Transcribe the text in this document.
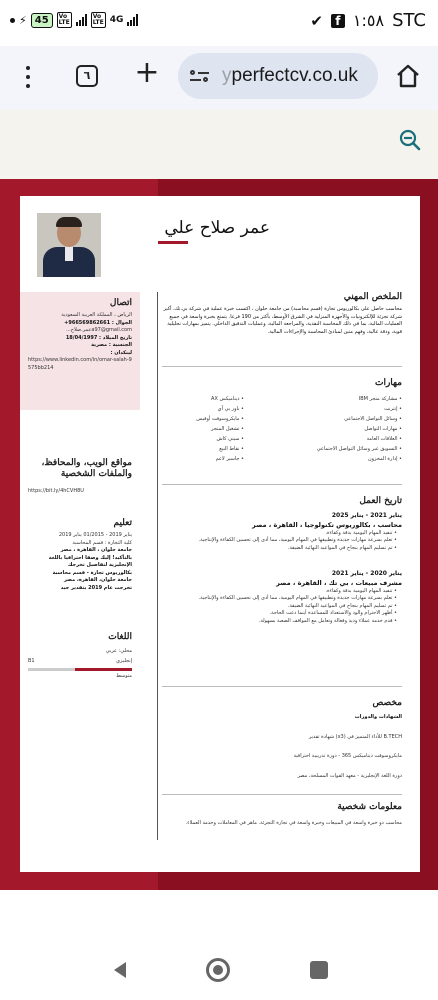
⚡ 45	Vo
LTE
Vo
LTE 4G	✔	f ١:٥٨ STC
٦ +	yperfectcv.co.uk
عمر صلاح علي
اتصال
الرياض ، المملكة العربية السعودية
الجوال : 966569862661+
a97@gmail.comعمر.صلاح...
تاريخ الميلاد : 18/04/1997
الجنسية : مصرية
لينكدان :
https://www.linkedin.com/in/omar-salah-9575bb214
مواقع الويب، والمحافظ، والملفات الشخصية
https://bit.ly/4hCVH8U
تعليم
يناير 2019 - 01/2015 يناير 2019
كلية التجارة : قسم المحاسبة
جامعة حلوان ، القاهرة ، مصر
بالتأكيد! إليك وصفا احترافيا باللغة
الإنجليزية لتفاصيل تخرجك
بكالوريوس تجارة - قسم محاسبة
جامعة حلوان، القاهرة، مصر
تخرجت عام 2019 بتقدير جيد
اللغات
محلي: عربي
إنجليزي
B1
متوسط
الملخص المهني
محاسب حاصل على بكالوريوس تجارة (قسم محاسبة) من جامعة حلوان ، اكتسب خبرة عملية في شركة بي.تك، أكبر شركة تجزئة للإلكترونيات والأجهزة المنزلية في الشرق الأوسط، بأكثر من 190 فرعا. يتمتع بخبرة واسعة في جميع العمليات المالية، بما في ذلك المحاسبة النقدية، والمراجعة المالية، وعمليات التدقيق الداخلي. يتميز بمهارات تحليلية قوية، ودقة عالية، وفهم متين لمبادئ المحاسبة والإجراءات المالية.
مهارات
• مشاركة متجر IBM
• إنترنت
• وسائل التواصل الاجتماعي
• مهارات التواصل
• العلاقات العامة
• التسويق عبر وسائل التواصل الاجتماعي
• إدارة المخزون
• ديناميكس AX
• باور بي آي
• مايكروسوفت أوفيس
• تشغيل المتجر
• سيتي كاش
• نقاط البيع
• جاسبر لاعم
تاريخ العمل
يناير 2021 - يناير 2025
محاسب ، بكالوريوس تكنولوجيا ، القاهرة ، مصر
• تنفيذ المهام اليومية بدقة وكفاءة.
• تعلم بسرعة مهارات جديدة وتطبيقها في المهام اليومية، مما أدى إلى تحسين الكفاءة والإنتاجية.
• تم تسليم المهام بنجاح في المواعيد النهائية الضيقة.
يناير 2020 - يناير 2021
مشرف مبيعات ، بي تك ، القاهرة ، مصر
• تنفيذ المهام اليومية بدقة وكفاءة.
• تعلم بسرعة مهارات جديدة وتطبيقها في المهام اليومية، مما أدى إلى تحسين الكفاءة والإنتاجية.
• تم تسليم المهام بنجاح في المواعيد النهائية الضيقة.
• أظهر الاحترام والود والاستعداد للمساعدة أينما دعت الحاجة.
• قدم خدمة عملاء ودية وفعالة وتعامل مع المواقف الصعبة بسهولة.
مخصص
الشهادات والدورات
B.TECH للأداء المتميز في (x3) شهادة تقدير
مايكروسوفت ديناميكس 365 - دورة تدريبية احترافية
دورة اللغة الإنجليزية - معهد القوات المسلحة، مصر
معلومات شخصية
محاسب ذو خبرة واسعة في المبيعات وخبرة واسعة في تجارة التجزئة. ماهر في المعاملات وخدمة العملاء.
